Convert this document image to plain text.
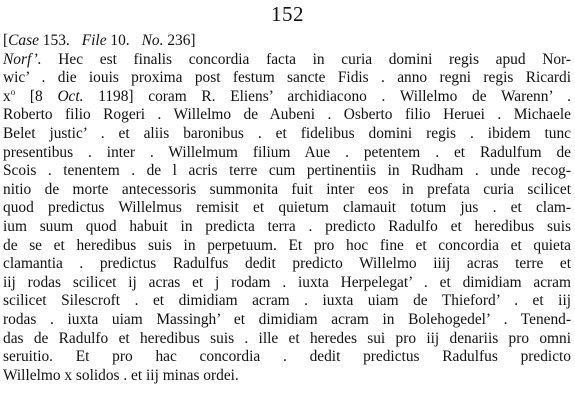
152
[Case 153. File 10. No. 236]
Norf’. Hec est finalis concordia facta in curia domini regis apud Nor-
wic’ . die iouis proxima post festum sancte Fidis . anno regni regis Ricardi
$x^o$ [8 Oct. 1198] coram R. Eliens’ archidiacono . Willelmo de Warenn’ .
Roberto filio Rogeri . Willelmo de Aubeni . Osberto filio Heruei . Michaele
Belet justic’ . et aliis baronibus . et fidelibus domini regis . ibidem tunc
presentibus . inter . Willelmum filium Aue . petentem . et Radulfum de
Scois . tenentem . de l acris terre cum pertinentiis in Rudham . unde recog-
nitio de morte antecessoris summonita fuit inter eos in prefata curia scilicet
quod predictus Willelmus remisit et quietum clamauit totum jus . et clam-
ium suum quod habuit in predicta terra . predicto Radulfo et heredibus suis
de se et heredibus suis in perpetuum. Et pro hoc fine et concordia et quieta
clamantia . predictus Radulfus dedit predicto Willelmo iiij acras terre et
iij rodas scilicet ij acras et j rodam . iuxta Herpelegat’ . et dimidiam acram
scilicet Silescroft . et dimidiam acram . iuxta uiam de Thieford’ . et iij
rodas . iuxta uiam Massingh’ et dimidiam acram in Bolehogedel’ . Tenend-
das de Radulfo et heredibus suis . ille et heredes sui pro iij denariis pro omni
seruitio. Et pro hac concordia . dedit predictus Radulfus predicto
Willelmo x solidos . et iij minas ordei.
